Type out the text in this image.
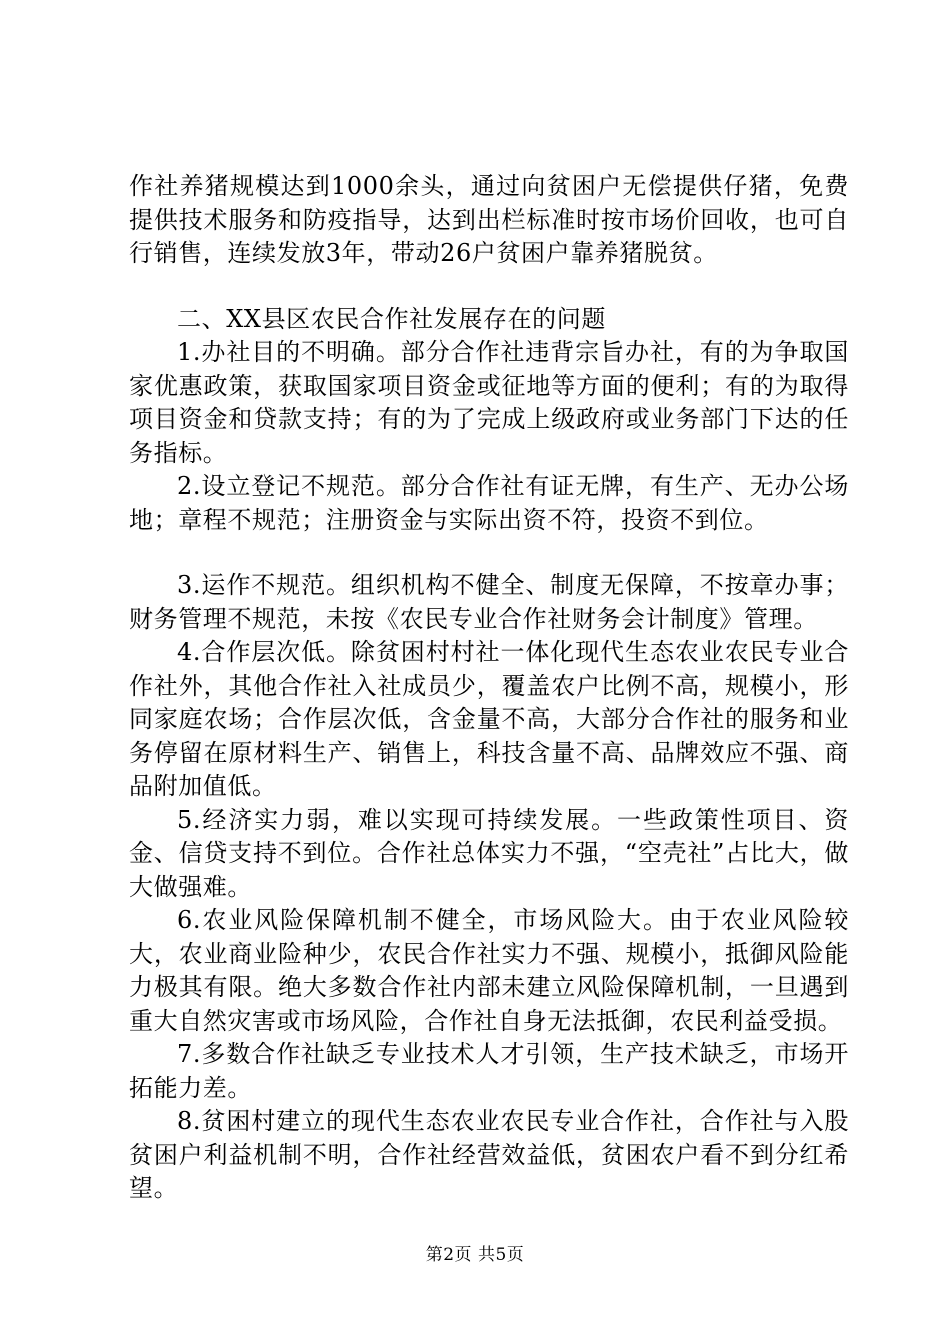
作社养猪规模达到1000余头，通过向贫困户无偿提供仔猪，免费提供技术服务和防疫指导，达到出栏标准时按市场价回收，也可自行销售，连续发放3年，带动26户贫困户靠养猪脱贫。

二、XX县区农民合作社发展存在的问题

1.办社目的不明确。部分合作社违背宗旨办社，有的为争取国家优惠政策，获取国家项目资金或征地等方面的便利；有的为取得项目资金和贷款支持；有的为了完成上级政府或业务部门下达的任务指标。

2.设立登记不规范。部分合作社有证无牌，有生产、无办公场地；章程不规范；注册资金与实际出资不符，投资不到位。

3.运作不规范。组织机构不健全、制度无保障，不按章办事；财务管理不规范，未按《农民专业合作社财务会计制度》管理。

4.合作层次低。除贫困村村社一体化现代生态农业农民专业合作社外，其他合作社入社成员少，覆盖农户比例不高，规模小，形同家庭农场；合作层次低，含金量不高，大部分合作社的服务和业务停留在原材料生产、销售上，科技含量不高、品牌效应不强、商品附加值低。

5.经济实力弱，难以实现可持续发展。一些政策性项目、资金、信贷支持不到位。合作社总体实力不强，“空壳社”占比大，做大做强难。

6.农业风险保障机制不健全，市场风险大。由于农业风险较大，农业商业险种少，农民合作社实力不强、规模小，抵御风险能力极其有限。绝大多数合作社内部未建立风险保障机制，一旦遇到重大自然灾害或市场风险，合作社自身无法抵御，农民利益受损。

7.多数合作社缺乏专业技术人才引领，生产技术缺乏，市场开拓能力差。

8.贫困村建立的现代生态农业农民专业合作社，合作社与入股贫困户利益机制不明，合作社经营效益低，贫困农户看不到分红希望。

第2页 共5页
